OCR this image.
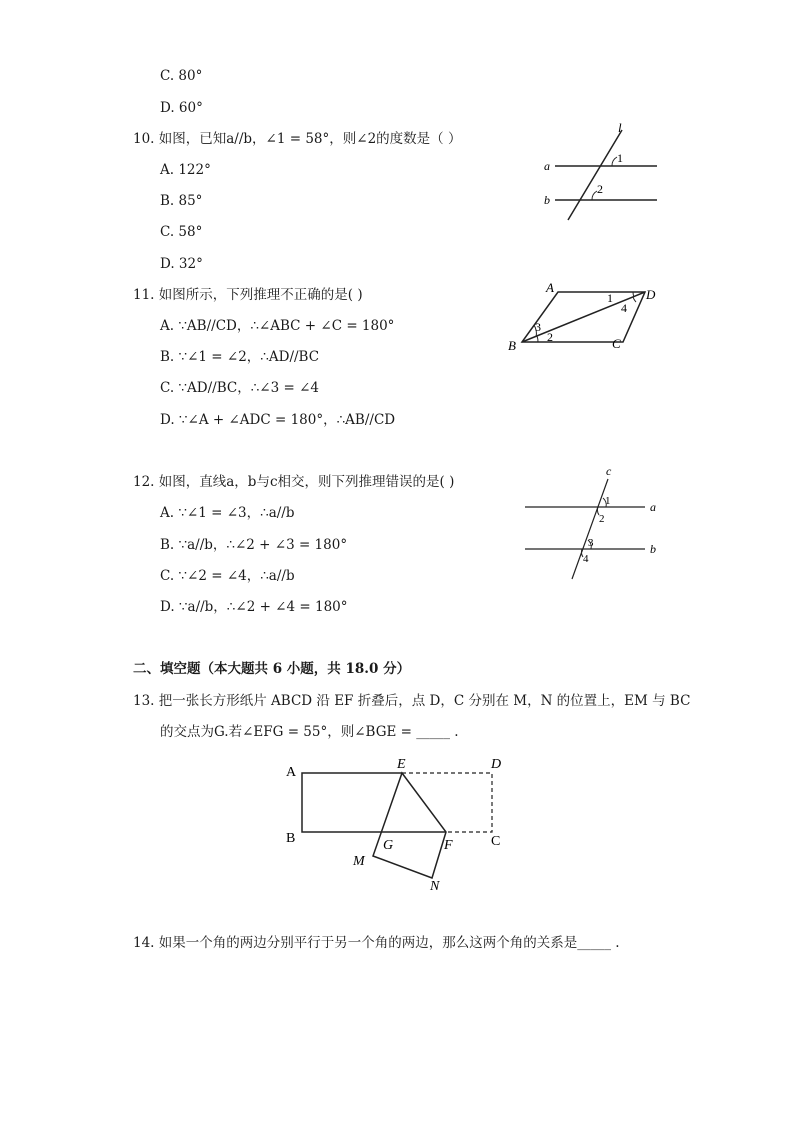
C. 80°
D. 60°
10. 如图，已知a//b，∠1 = 58°，则∠2的度数是（ ）
A. 122°
B. 85°
C. 58°
D. 32°
l
a
b
1
2
11. 如图所示，下列推理不正确的是( )
A. ∵AB//CD，∴∠ABC + ∠C = 180°
B. ∵∠1 = ∠2，∴AD//BC
C. ∵AD//BC，∴∠3 = ∠4
D. ∵∠A + ∠ADC = 180°，∴AB//CD
A	D
B	C
1
4
3
2
12. 如图，直线a，b与c相交，则下列推理错误的是( )
A. ∵∠1 = ∠3，∴a//b
B. ∵a//b，∴∠2 + ∠3 = 180°
C. ∵∠2 = ∠4，∴a//b
D. ∵a//b，∴∠2 + ∠4 = 180°
c
a
b
1
2
3
4
二、填空题（本大题共 6 小题，共 18.0 分）
13. 把一张长方形纸片 ABCD 沿 EF 折叠后，点 D，C 分别在 M，N 的位置上，EM 与 BC
的交点为G.若∠EFG = 55°，则∠BGE = _____ .
A
B
E	D
C
F
G
M
N
14. 如果一个角的两边分别平行于另一个角的两边，那么这两个角的关系是_____ .
